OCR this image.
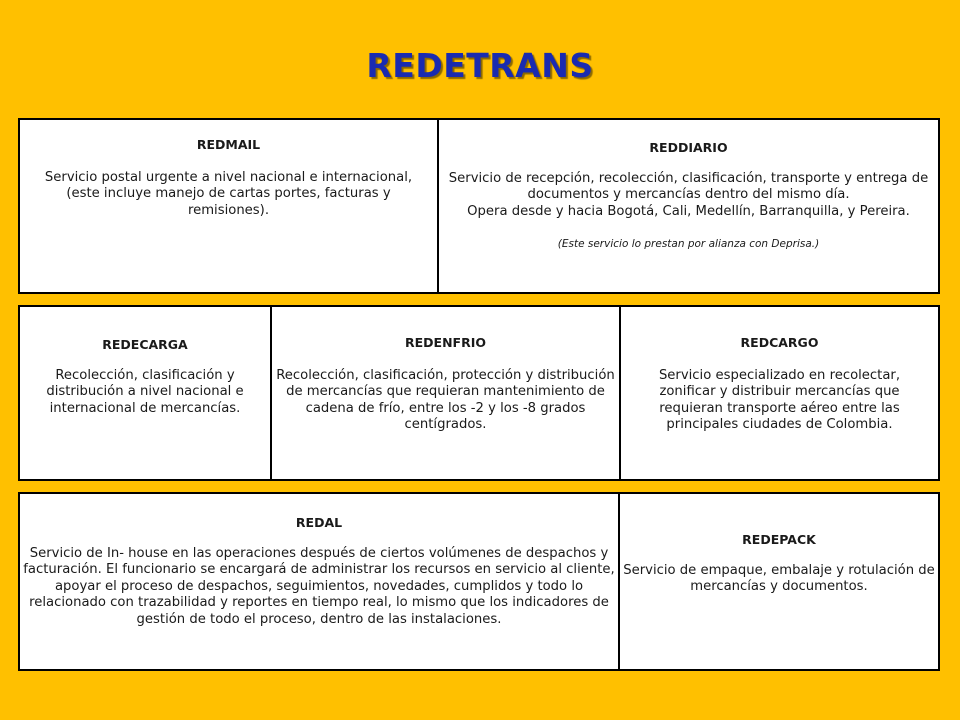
REDETRANS
REDMAIL
Servicio postal urgente a nivel nacional e internacional, (este incluye manejo de cartas portes, facturas y remisiones).
REDDIARIO
Servicio de recepción, recolección, clasificación, transporte y entrega de documentos y mercancías dentro del mismo día.
Opera desde y hacia Bogotá, Cali, Medellín, Barranquilla, y Pereira.
(Este servicio lo prestan por alianza con Deprisa.)
REDECARGA
Recolección, clasificación y distribución a nivel nacional e internacional de mercancías.
REDENFRIO
Recolección, clasificación, protección y distribución de mercancías que requieran mantenimiento de cadena de frío, entre los -2 y los -8 grados centígrados.
REDCARGO
Servicio especializado en recolectar, zonificar y distribuir mercancías que requieran transporte aéreo entre las principales ciudades de Colombia.
REDAL
Servicio de In- house en las operaciones después de ciertos volúmenes de despachos y facturación. El funcionario se encargará de administrar los recursos en servicio al cliente, apoyar el proceso de despachos, seguimientos, novedades, cumplidos y todo lo relacionado con trazabilidad y reportes en tiempo real, lo mismo que los indicadores de gestión de todo el proceso, dentro de las instalaciones.
REDEPACK
Servicio de empaque, embalaje y rotulación de mercancías y documentos.
